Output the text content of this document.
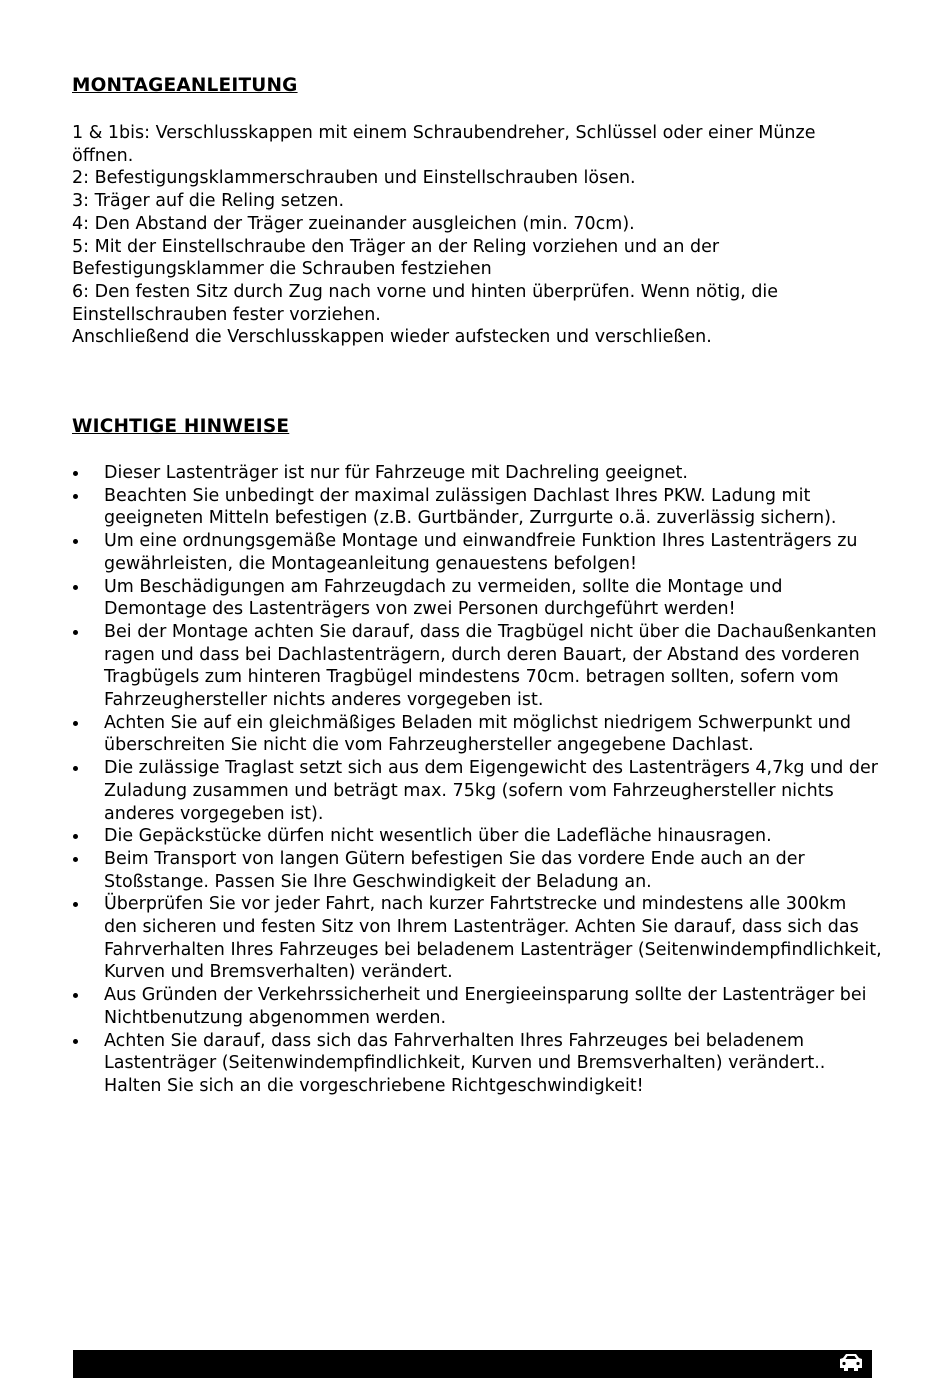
MONTAGEANLEITUNG
1 & 1bis: Verschlusskappen mit einem Schraubendreher, Schlüssel oder einer Münze öffnen.
2: Befestigungsklammerschrauben und Einstellschrauben lösen.
3: Träger auf die Reling setzen.
4: Den Abstand der Träger zueinander ausgleichen (min. 70cm).
5: Mit der Einstellschraube den Träger an der Reling vorziehen und an der Befestigungsklammer die Schrauben festziehen
6: Den festen Sitz durch Zug nach vorne und hinten überprüfen. Wenn nötig, die Einstellschrauben fester vorziehen.
Anschließend die Verschlusskappen wieder aufstecken und verschließen.
WICHTIGE HINWEISE
Dieser Lastenträger ist nur für Fahrzeuge mit Dachreling geeignet.
Beachten Sie unbedingt der maximal zulässigen Dachlast Ihres PKW. Ladung mit geeigneten Mitteln befestigen (z.B. Gurtbänder, Zurrgurte o.ä. zuverlässig sichern).
Um eine ordnungsgemäße Montage und einwandfreie Funktion Ihres Lastenträgers zu gewährleisten, die Montageanleitung genauestens befolgen!
Um Beschädigungen am Fahrzeugdach zu vermeiden, sollte die Montage und Demontage des Lastenträgers von zwei Personen durchgeführt werden!
Bei der Montage achten Sie darauf, dass die Tragbügel nicht über die Dachaußenkanten ragen und dass bei Dachlastenträgern, durch deren Bauart, der Abstand des vorderen Tragbügels zum hinteren Tragbügel mindestens 70cm. betragen sollten, sofern vom Fahrzeughersteller nichts anderes vorgegeben ist.
Achten Sie auf ein gleichmäßiges Beladen mit möglichst niedrigem Schwerpunkt und überschreiten Sie nicht die vom Fahrzeughersteller angegebene Dachlast.
Die zulässige Traglast setzt sich aus dem Eigengewicht des Lastenträgers 4,7kg und der Zuladung zusammen und beträgt max. 75kg (sofern vom Fahrzeughersteller nichts anderes vorgegeben ist).
Die Gepäckstücke dürfen nicht wesentlich über die Ladefläche hinausragen.
Beim Transport von langen Gütern befestigen Sie das vordere Ende auch an der Stoßstange. Passen Sie Ihre Geschwindigkeit der Beladung an.
Überprüfen Sie vor jeder Fahrt, nach kurzer Fahrtstrecke und mindestens alle 300km den sicheren und festen Sitz von Ihrem Lastenträger. Achten Sie darauf, dass sich das Fahrverhalten Ihres Fahrzeuges bei beladenem Lastenträger (Seitenwindempfindlichkeit, Kurven und Bremsverhalten) verändert.
Aus Gründen der Verkehrssicherheit und Energieeinsparung sollte der Lastenträger bei Nichtbenutzung abgenommen werden.
Achten Sie darauf, dass sich das Fahrverhalten Ihres Fahrzeuges bei beladenem Lastenträger (Seitenwindempfindlichkeit, Kurven und Bremsverhalten) verändert.. Halten Sie sich an die vorgeschriebene Richtgeschwindigkeit!
